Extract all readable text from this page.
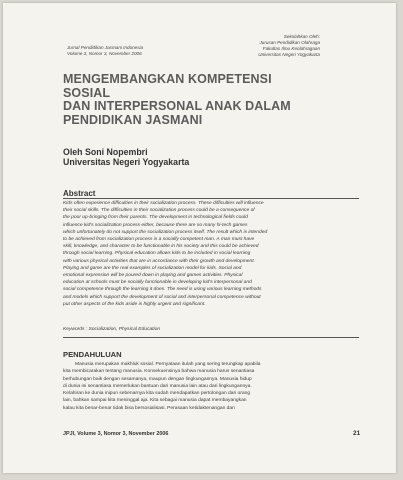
Jurnal Pendidikan Jasmani Indonesia
Volume 3, Nomor 3, November 2006
Sekolahkan Oleh:
Jurusan Pendidikan Olahraga
Fakultas Ilmu Keolahragaan
Universitas Negeri Yogyakarta
MENGEMBANGKAN KOMPETENSI SOSIAL
DAN INTERPERSONAL ANAK DALAM
PENDIDIKAN JASMANI
Oleh Soni Nopembri
Universitas Negeri Yogyakarta
Abstract
Kids often experience difficulties in their socialization process. These difficulties will influence
their social skills. The difficulties in their socialization process could be a consequence of
the poor up-bringing from their parents. The development in technological fields could
influence kid's socialization process either, because there are so many hi-tech games
which unfortunately do not support the socialization process itself. The result which is intended
to be achieved from socialization process is a socially competent man. A man must have
skill, knowledge, and character to be functionable in his society and this could be achieved
through social learning. Physical education allows kids to be included in social learning
with various physical activities that are in accordance with their growth and development.
Playing and game are the real examples of socialization model for kids. Social and
emotional expression will be poured down in playing and games activities. Physical
education at schools must be socially functionable in developing kid's interpersonal and
social competence through the learning it does. The need is using various learning methods
and models which support the development of social and interpersonal competence without
put other aspects of the kids aside is highly urgent and significant.
Keywords : Socialization, Physical Education
PENDAHULUAN
Manusia merupakan makhluk sosial. Pernyataan itulah yang sering terungkap apabila
kita membicarakan tentang manusia. Konsekuensinya bahwa manusia harus senantiasa
berhubungan baik dengan sesamanya, maupun dengan lingkungannya. Manusia hidup
di dunia ini senantiasa memerlukan bantuan dari manusia lain atau dari lingkungannya.
Kelahiran ke dunia inipun sebenarnya kita sudah mendapatkan pertolongan dari orang
lain, bahkan sampai kita meninggal aja. Kita sebagai manusia dapat membayangkan
kalau kita benar-benar tidak bisa bersosialisasi. Perasaan ketidaktenangan dan
JPJI, Volume 3, Nomor 3, November 2006	21
